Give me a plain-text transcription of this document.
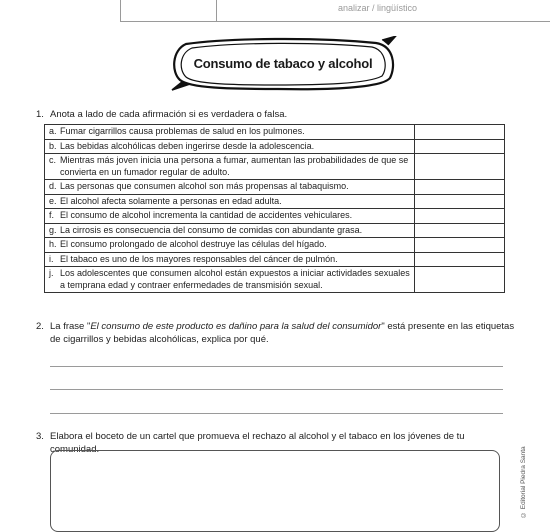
analizar / lingüístico
Consumo de tabaco y alcohol
1. Anota a lado de cada afirmación si es verdadera o falsa.
a. Fumar cigarrillos causa problemas de salud en los pulmones.	

b. Las bebidas alcohólicas deben ingerirse desde la adolescencia.	

c. Mientras más joven inicia una persona a fumar, aumentan las probabilidades de que se convierta en un fumador regular de adulto.	

d. Las personas que consumen alcohol son más propensas al tabaquismo.	

e. El alcohol afecta solamente a personas en edad adulta.	

f. El consumo de alcohol incrementa la cantidad de accidentes vehiculares.	

g. La cirrosis es consecuencia del consumo de comidas con abundante grasa.	

h. El consumo prolongado de alcohol destruye las células del hígado.	

i. El tabaco es uno de los mayores responsables del cáncer de pulmón.	

j. Los adolescentes que consumen alcohol están expuestos a iniciar actividades sexuales a temprana edad y contraer enfermedades de transmisión sexual.	

2. La frase "El consumo de este producto es dañino para la salud del consumidor" está presente en las etiquetas de cigarrillos y bebidas alcohólicas, explica por qué.
3. Elabora el boceto de un cartel que promueva el rechazo al alcohol y el tabaco en los jóvenes de tu comunidad.	© Editorial Piedra Santa
